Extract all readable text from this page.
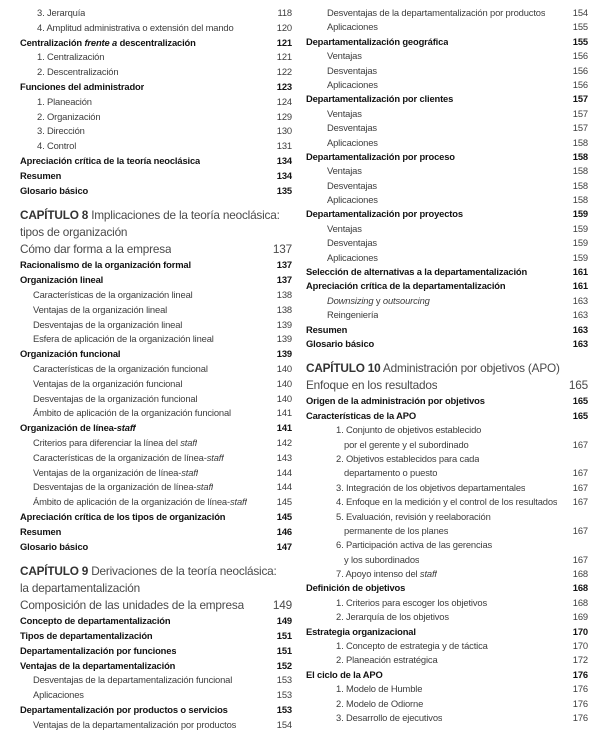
3. Jerarquía	118
4. Amplitud administrativa o extensión del mando	120
Centralización frente a descentralización	121
1. Centralización	121
2. Descentralización	122
Funciones del administrador	123
1. Planeación	124
2. Organización	129
3. Dirección	130
4. Control	131
Apreciación crítica de la teoría neoclásica	134
Resumen	134
Glosario básico	135
CAPÍTULO 8 Implicaciones de la teoría neoclásica:
tipos de organización
Cómo dar forma a la empresa	137
Racionalismo de la organización formal	137
Organización lineal	137
Características de la organización lineal	138
Ventajas de la organización lineal	138
Desventajas de la organización lineal	139
Esfera de aplicación de la organización lineal	139
Organización funcional	139
Características de la organización funcional	140
Ventajas de la organización funcional	140
Desventajas de la organización funcional	140
Ámbito de aplicación de la organización funcional	141
Organización de línea-staff	141
Criterios para diferenciar la línea del staff	142
Características de la organización de línea-staff	143
Ventajas de la organización de línea-staff	144
Desventajas de la organización de línea-staff	144
Ámbito de aplicación de la organización de línea-staff	145
Apreciación crítica de los tipos de organización	145
Resumen	146
Glosario básico	147
CAPÍTULO 9 Derivaciones de la teoría neoclásica:
la departamentalización
Composición de las unidades de la empresa 149
Concepto de departamentalización	149
Tipos de departamentalización	151
Departamentalización por funciones	151
Ventajas de la departamentalización	152
Desventajas de la departamentalización funcional	153
Aplicaciones	153
Departamentalización por productos o servicios	153
Ventajas de la departamentalización por productos	154
Desventajas de la departamentalización por productos	154
Aplicaciones	155
Departamentalización geográfica	155
Ventajas	156
Desventajas	156
Aplicaciones	156
Departamentalización por clientes	157
Ventajas	157
Desventajas	157
Aplicaciones	158
Departamentalización por proceso	158
Ventajas	158
Desventajas	158
Aplicaciones	158
Departamentalización por proyectos	159
Ventajas	159
Desventajas	159
Aplicaciones	159
Selección de alternativas a la departamentalización	161
Apreciación crítica de la departamentalización	161
Downsizing y outsourcing	163
Reingeniería	163
Resumen	163
Glosario básico	163
CAPÍTULO 10 Administración por objetivos (APO)
Enfoque en los resultados	165
Origen de la administración por objetivos	165
Características de la APO	165
1. Conjunto de objetivos establecido
por el gerente y el subordinado	167
2. Objetivos establecidos para cada
departamento o puesto	167
3. Integración de los objetivos departamentales	167
4. Enfoque en la medición y el control de los resultados 167
5. Evaluación, revisión y reelaboración
permanente de los planes	167
6. Participación activa de las gerencias
y los subordinados	167
7. Apoyo intenso del staff	168
Definición de objetivos	168
1. Criterios para escoger los objetivos	168
2. Jerarquía de los objetivos	169
Estrategia organizacional	170
1. Concepto de estrategia y de táctica	170
2. Planeación estratégica	172
El ciclo de la APO	176
1. Modelo de Humble	176
2. Modelo de Odiorne	176
3. Desarrollo de ejecutivos	176
